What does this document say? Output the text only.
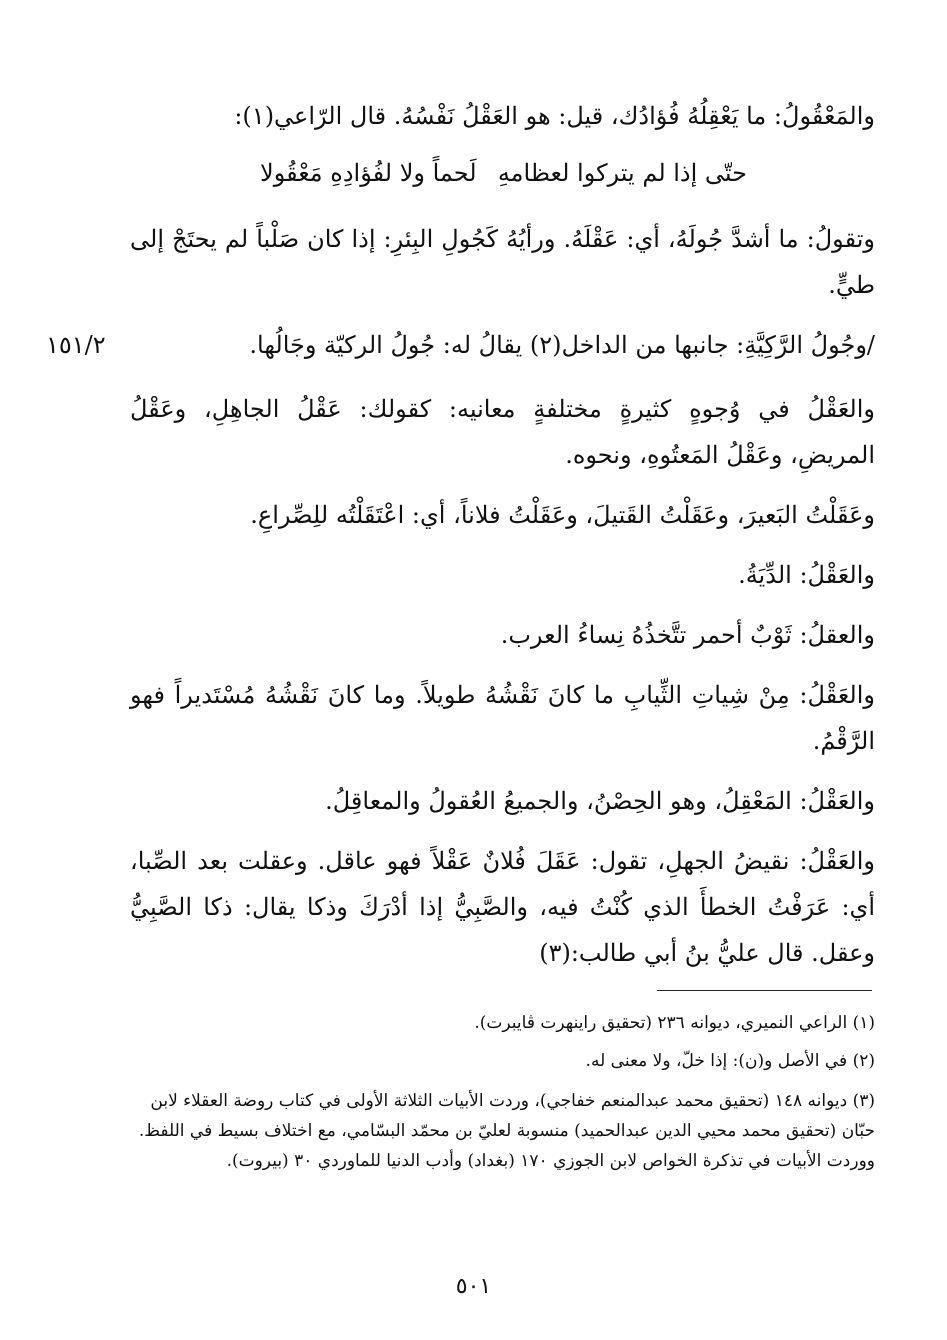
والمَعْقُولُ: ما يَعْقِلُهُ فُؤادُك، قيل: هو العَقْلُ نَفْسُهُ. قال الرّاعي(١):
حتّى إذا لم يتركوا لعظامهِ
لَحماً ولا لفُؤادِهِ مَعْقُولا
وتقولُ: ما أشدَّ جُولَهُ، أي: عَقْلَهُ. ورأيُهُ كَجُولِ البِئرِ: إذا كان صَلْباً لم يحتَجْ إلى طيٍّ.
/وجُولُ الرَّكِيَّةِ: جانبها من الداخل(٢) يقالُ له: جُولُ الركيّة وجَالُها.
١٥١/٢
والعَقْلُ في وُجوهٍ كثيرةٍ مختلفةٍ معانيه: كقولك: عَقْلُ الجاهِلِ، وعَقْلُ المريضِ، وعَقْلُ المَعتُوهِ، ونحوه.
وعَقَلْتُ البَعيرَ، وعَقَلْتُ القَتيلَ، وعَقَلْتُ فلاناً، أي: اعْتَقَلْتُه للِصِّراعِ.
والعَقْلُ: الدِّيَةُ.
والعقلُ: ثَوْبٌ أحمر تتَّخذُهُ نِساءُ العرب.
والعَقْلُ: مِنْ شِياتِ الثِّيابِ ما كانَ نَقْشُهُ طويلاً. وما كانَ نَقْشُهُ مُسْتَديراً فهو الرَّقْمُ.
والعَقْلُ: المَعْقِلُ، وهو الحِصْنُ، والجميعُ العُقولُ والمعاقِلُ.
والعَقْلُ: نقيضُ الجهلِ، تقول: عَقَلَ فُلانٌ عَقْلاً فهو عاقل. وعقلت بعد الصِّبا، أي: عَرَفْتُ الخطأَ الذي كُنْتُ فيه، والصَّبِيُّ إذا أدْرَكَ وذكا يقال: ذكا الصَّبِيُّ وعقل. قال عليُّ بنُ أبي طالب:(٣)
(١) الراعي النميري، ديوانه ٢٣٦ (تحقيق راينهرت ڤايبرت).
(٢) في الأصل و(ن): إذا خلّ، ولا معنى له.
(٣) ديوانه ١٤٨ (تحقيق محمد عبدالمنعم خفاجي)، وردت الأبيات الثلاثة الأولى في كتاب روضة العقلاء لابن حبّان (تحقيق محمد محيي الدين عبدالحميد) منسوبة لعليّ بن محمّد البسّامي، مع اختلاف بسيط في اللفظ. ووردت الأبيات في تذكرة الخواص لابن الجوزي ١٧٠ (بغداد) وأدب الدنيا للماوردي ٣٠ (بيروت).
٥٠١
